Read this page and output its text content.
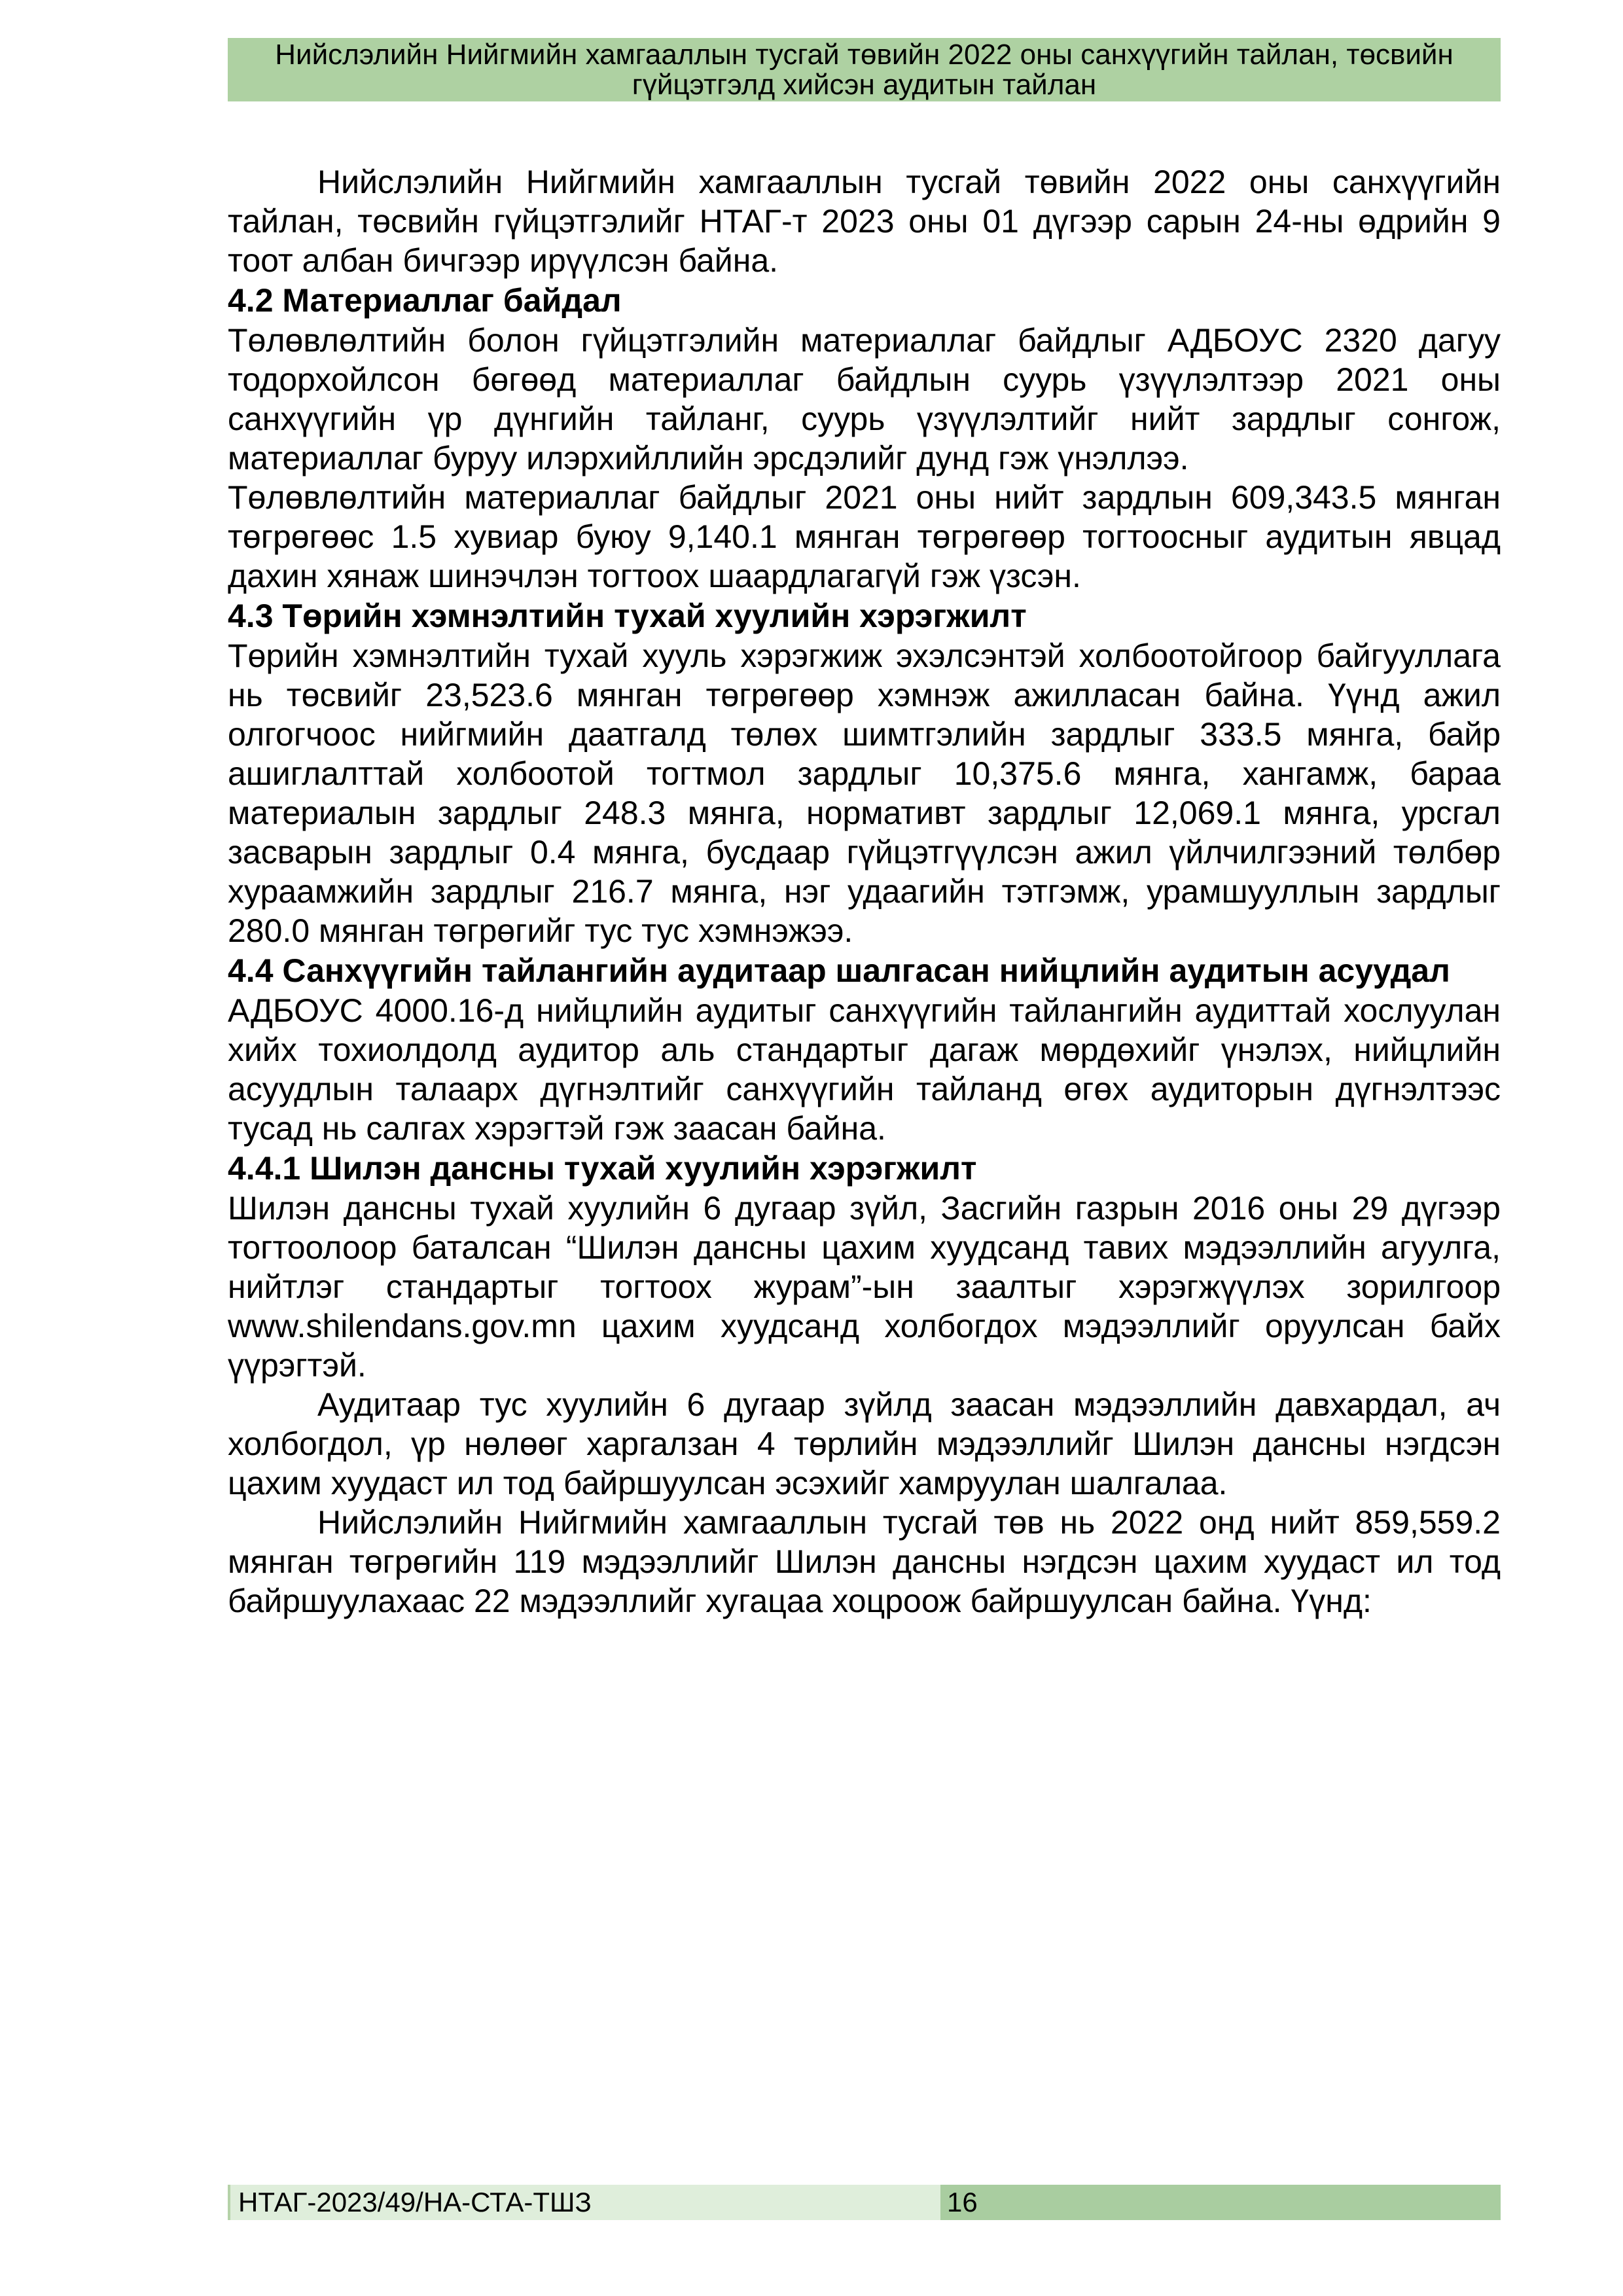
Нийслэлийн Нийгмийн хамгааллын тусгай төвийн 2022 оны санхүүгийн тайлан, төсвийн гүйцэтгэлд хийсэн аудитын тайлан

Нийслэлийн Нийгмийн хамгааллын тусгай төвийн 2022 оны санхүүгийн тайлан, төсвийн гүйцэтгэлийг НТАГ-т 2023 оны 01 дүгээр сарын 24-ны өдрийн 9 тоот албан бичгээр ирүүлсэн байна.

4.2 Материаллаг байдал

Төлөвлөлтийн болон гүйцэтгэлийн материаллаг байдлыг АДБОУС 2320 дагуу тодорхойлсон бөгөөд материаллаг байдлын суурь үзүүлэлтээр 2021 оны санхүүгийн үр дүнгийн тайланг, суурь үзүүлэлтийг нийт зардлыг сонгож, материаллаг буруу илэрхийллийн эрсдэлийг дунд гэж үнэллээ.

Төлөвлөлтийн материаллаг байдлыг 2021 оны нийт зардлын 609,343.5 мянган төгрөгөөс 1.5 хувиар буюу 9,140.1 мянган төгрөгөөр тогтоосныг аудитын явцад дахин хянаж шинэчлэн тогтоох шаардлагагүй гэж үзсэн.

4.3 Төрийн хэмнэлтийн тухай хуулийн хэрэгжилт

Төрийн хэмнэлтийн тухай хууль хэрэгжиж эхэлсэнтэй холбоотойгоор байгууллага нь төсвийг 23,523.6 мянган төгрөгөөр хэмнэж ажилласан байна. Үүнд ажил олгогчоос нийгмийн даатгалд төлөх шимтгэлийн зардлыг 333.5 мянга, байр ашиглалттай холбоотой тогтмол зардлыг 10,375.6 мянга, хангамж, бараа материалын зардлыг 248.3 мянга, нормативт зардлыг 12,069.1 мянга, урсгал засварын зардлыг 0.4 мянга, бусдаар гүйцэтгүүлсэн ажил үйлчилгээний төлбөр хураамжийн зардлыг 216.7 мянга, нэг удаагийн тэтгэмж, урамшууллын зардлыг 280.0 мянган төгрөгийг тус тус хэмнэжээ.

4.4 Санхүүгийн тайлангийн аудитаар шалгасан нийцлийн аудитын асуудал

АДБОУС 4000.16-д нийцлийн аудитыг санхүүгийн тайлангийн аудиттай хослуулан хийх тохиолдолд аудитор аль стандартыг дагаж мөрдөхийг үнэлэх, нийцлийн асуудлын талаарх дүгнэлтийг санхүүгийн тайланд өгөх аудиторын дүгнэлтээс тусад нь салгах хэрэгтэй гэж заасан байна.

4.4.1 Шилэн дансны тухай хуулийн хэрэгжилт

Шилэн дансны тухай хуулийн 6 дугаар зүйл, Засгийн газрын 2016 оны 29 дүгээр тогтоолоор баталсан “Шилэн дансны цахим хуудсанд тавих мэдээллийн агуулга, нийтлэг стандартыг тогтоох журам”-ын заалтыг хэрэгжүүлэх зорилгоор www.shilendans.gov.mn цахим хуудсанд холбогдох мэдээллийг оруулсан байх үүрэгтэй.

Аудитаар тус хуулийн 6 дугаар зүйлд заасан мэдээллийн давхардал, ач холбогдол, үр нөлөөг харгалзан 4 төрлийн мэдээллийг Шилэн дансны нэгдсэн цахим хуудаст ил тод байршуулсан эсэхийг хамруулан шалгалаа.

Нийслэлийн Нийгмийн хамгааллын тусгай төв нь 2022 онд нийт 859,559.2 мянган төгрөгийн 119 мэдээллийг Шилэн дансны нэгдсэн цахим хуудаст ил тод байршуулахаас 22 мэдээллийг хугацаа хоцроож байршуулсан байна. Үүнд:

НТАГ-2023/49/НА-СТА-ТШЗ	16
